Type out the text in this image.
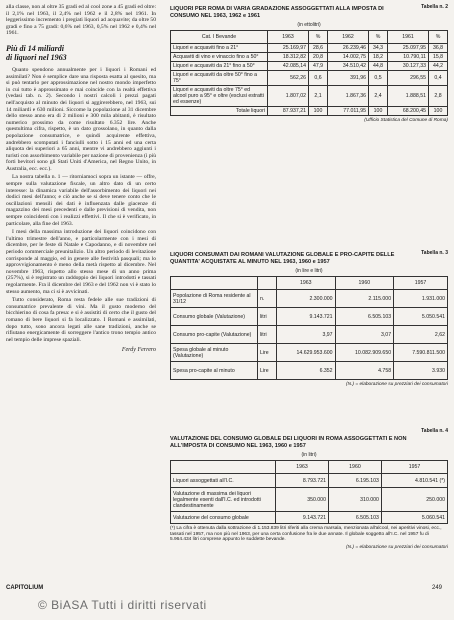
alla classe, non al oltre 35 gradi ed al cool zone a 45 gradi ed oltre: il 2,1% nel 1963, il 2,4% nel 1962 e il 2,8% nel 1961. In leggerissimo incremento i pregiati liquori ad acquavite; da oltre 50 gradi e fino a 75 gradi: 0,6% nel 1963, 0,5% nel 1962 e 0,4% nel 1961.

Più di 14 miliardi
di liquori nel 1963

Quanto spendono annualmente per i liquori i Romani ed assimilati? Non è semplice dare una risposta esatta al quesito, ma si può tentarlo per approssimazione nel nostro mondo imperfetto in cui tutto è approssimato e mai coincide con la realtà effettiva (vedasi tab. n. 2). Secondo i nostri calcoli i prezzi pagati nell'acquisto al minuto dei liquori si aggirerebbero, nel 1963, sui 14 miliardi e 630 milioni. Siccome la popolazione al 31 dicembre dello stesso anno era di 2 milioni e 300 mila abitanti, è risultato numerico prossimo da come risultato 6.352 lire. Anche questultima cifra, rispetto, è un dato grossolano, in quanto dalla popolazione consumatrice, e quindi acquirente effettiva, andrebbero scomputati i fanciulli sotto i 15 anni ed una certa aliquota dei superiori a 65 anni, mentre vi andrebbero aggiunti i turisti con assorbimento variabile per nazione di provenienza (i più forti bevitori sono gli Stati Uniti d'America, nel Regno Unito, in Australia, ecc. ecc.).

La nostra tabella n. 1 — ritorniamoci sopra un istante — offre, sempre sulla valutazione fiscale, un altro dato di un certo interesse: la dinamica variabile dell'assorbimento dei liquori nei dodici mesi dell'anno; e ciò anche se si deve tenere conto che le oscillazioni mensili dei dati è influenzata dalle giacenze di magazzino dei mesi precedenti e dalle previsioni di vendita, non sempre coincidenti con i realizzi effettivi. Il che si è verificato, in particolare, alla fine del 1963.

I mesi della massima introduzione dei liquori coincidono con l'ultimo trimestre dell'anno, e particolarmente con i mesi di dicembre, per le feste di Natale e Capodanno, e di novembre nel periodo commerciale preunitalizio. Un altro periodo di levitazione corrisponde al maggio, ed in genere alle festività pasquali; ma lo approvvigionamento è meno della metà rispetto al dicembre. Nel novembre 1963, rispetto allo stesso mese di un anno prima (257%), si è registrato un raddoppio dei liquori introdotti e tassati regolarmente. Fra il dicembre del 1963 e del 1962 non vi è stato lo stesso aumento, ma ci si è avvicinati.

Tutto considerato, Roma resta fedele alle sue tradizioni di consumatrice prevalente di vini. Ma il gusto moderno del bicchierino di cosa fa presa: e si è assistiti di certo che il gusto del romano di bere liquori si fa localizzato. I Romani e assimilati, dopo tutto, sono ancora legati alle sane tradizioni, anche se rifiutano energicamente di sorreggere l'antico trono tempio antico nel tempio delle imprese spaziali.

Ferdy Ferrero
Tabella n. 2
LIQUORI PER ROMA DI VARIA GRADAZIONE ASSOGGETTATI ALLA IMPOSTA DI CONSUMO NEL 1963, 1962 e 1961
(in ettolitri)
Cat. I Bevande	1963	%	1962	%	1961	%
Liquori e acquaviti fino a 21°	25.169,97	28,6	26.239,46	34,3	25.097,95	36,8
Acquaviti di vino e vinaccio fino a 50°	18.312,82	20,8	14.002,75	18,2	10.790,11	15,8
Liquori e acquaviti da 21° fino a 50°	42.085,14	47,9	34.510,42	44,8	30.127,33	44,2
Liquori e acquaviti da oltre 50° fino a 75°	562,26	0,6	391,96	0,5	296,55	0,4
Liquori e acquaviti da oltre 75° ed alcool puro a 95° e oltre (esclusi estratti ed essenze)	1.807,02	2,1	1.867,36	2,4	1.888,51	2,8
Totale liquori	87.937,21	100	77.011,95	100	68.200,45	100
(Ufficio Statistica del Comune di Roma)
Tabella n. 3
LIQUORI CONSUMATI DAI ROMANI VALUTAZIONE GLOBALE E PRO-CAPITE DELLE QUANTITA' ACQUISTATE AL MINUTO NEL 1963, 1960 e 1957
(in lire e litri)
		1963	1960	1957
Popolazione di Roma residente al 31/12	n.	2.300.000	2.115.000	1.931.000
Consumo globale (Valutazione)	litri	9.143.721	6.505.103	5.050.541
Consumo pro-capite (Valutazione)	litri	3,97	3,07	2,62
Spesa globale al minuto (Valutazione)	Lire	14.629.953.600	10.082.909.650	7.590.811.500
Spesa pro-capite al minuto	Lire	6.352	4.758	3.930
(N.) = elaborazione su prezziari dei consumatori
Tabella n. 4
VALUTAZIONE DEL CONSUMO GLOBALE DEI LIQUORI IN ROMA ASSOGGETTATI E NON ALL'IMPOSTA DI CONSUMO NEL 1963, 1960 e 1957
(in litri)
	1963	1960	1957
Liquori assoggettati all'I.C.	8.793.721	6.195.103	4.810.541 (*)
Valutazione di massima dei liquori legalmente esenti dall'I.C. ed introdotti clandestinamente	350.000	310.000	250.000
Valutazione del consumo globale	9.143.721	6.505.103	5.060.541
(*) La cifra è ottenuta dalla sottrazione di 1.153.839 litri riferiti alla crema marsala, menzionata all'alcool, nei aperitivi vinosi, ecc., tassati nel 1957, ma non più nel 1963, per una certa confusione fra le due annate. Il globale soggetto all'I.C. nel 1957 fu di 5.964.434 litri comprese appunto le suddette bevande.
(N.) = elaborazione su prezziari dei consumatori
CAPITOLIUM	249
© BiASA Tutti i diritti riservati
